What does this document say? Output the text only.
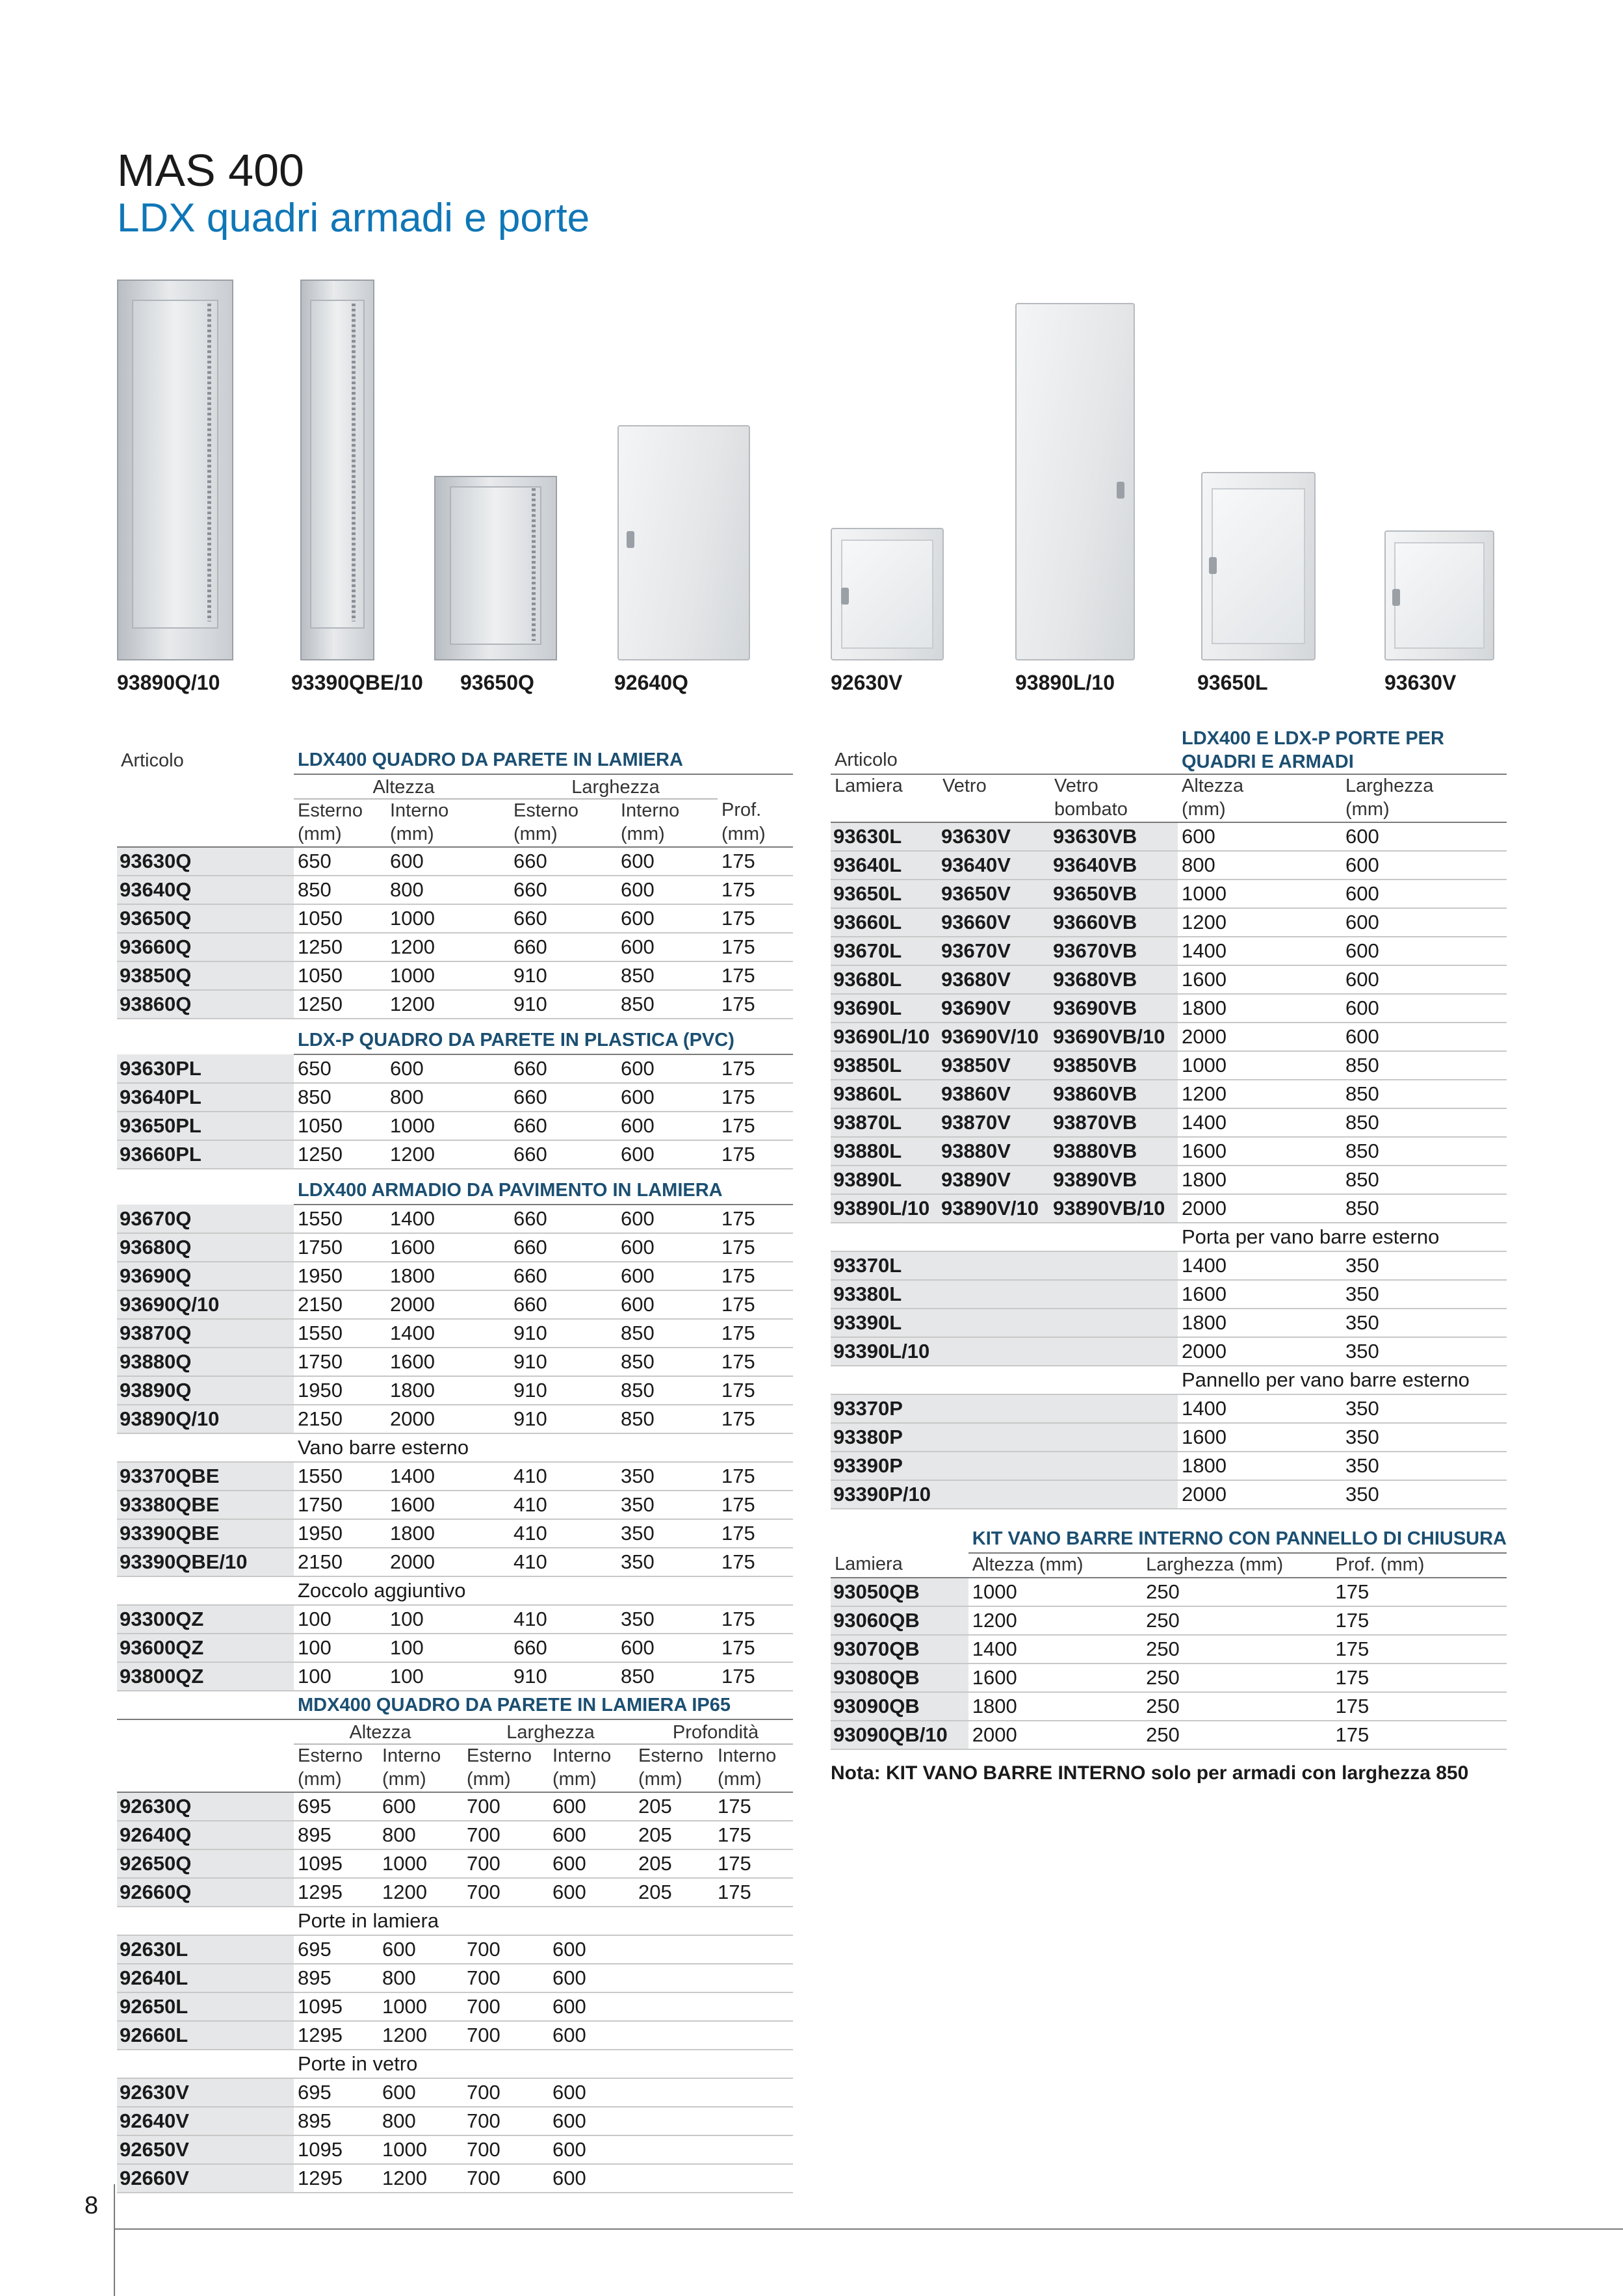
MAS 400
LDX quadri armadi e porte
93890Q/10	93390QBE/10 93650Q	92640Q	92630V	93890L/10	93650L	93630V
Articolo	LDX400 QUADRO DA PARETE IN LAMIERA				
	Altezza		Larghezza		
	Esterno	Interno	Esterno	Interno	Prof.
	(mm)	(mm)	(mm)	(mm)	(mm)
93630Q	650	600	660	600	175
93640Q	850	800	660	600	175
93650Q	1050	1000	660	600	175
93660Q	1250	1200	660	600	175
93850Q	1050	1000	910	850	175
93860Q	1250	1200	910	850	175
	LDX-P QUADRO DA PARETE IN PLASTICA (PVC)				
93630PL	650	600	660	600	175
93640PL	850	800	660	600	175
93650PL	1050	1000	660	600	175
93660PL	1250	1200	660	600	175
	LDX400 ARMADIO DA PAVIMENTO IN LAMIERA				
93670Q	1550	1400	660	600	175
93680Q	1750	1600	660	600	175
93690Q	1950	1800	660	600	175
93690Q/10	2150	2000	660	600	175
93870Q	1550	1400	910	850	175
93880Q	1750	1600	910	850	175
93890Q	1950	1800	910	850	175
93890Q/10	2150	2000	910	850	175
	Vano barre esterno				
93370QBE	1550	1400	410	350	175
93380QBE	1750	1600	410	350	175
93390QBE	1950	1800	410	350	175
93390QBE/10	2150	2000	410	350	175
	Zoccolo aggiuntivo				
93300QZ	100	100	410	350	175
93600QZ	100	100	660	600	175
93800QZ	100	100	910	850	175
	MDX400 QUADRO DA PARETE IN LAMIERA IP65					
	Altezza		Larghezza		Profondità	
	Esterno	Interno	Esterno	Interno	Esterno	Interno
	(mm)	(mm)	(mm)	(mm)	(mm)	(mm)
92630Q	695	600	700	600	205	175
92640Q	895	800	700	600	205	175
92650Q	1095	1000	700	600	205	175
92660Q	1295	1200	700	600	205	175
	Porte in lamiera					
92630L	695	600	700	600		
92640L	895	800	700	600		
92650L	1095	1000	700	600		
92660L	1295	1200	700	600		
	Porte in vetro					
92630V	695	600	700	600		
92640V	895	800	700	600		
92650V	1095	1000	700	600		
92660V	1295	1200	700	600		
Articolo			LDX400 E LDX-P PORTE PER QUADRI E ARMADI	
Lamiera	Vetro	Vetro	Altezza	Larghezza
		bombato	(mm)	(mm)
93630L	93630V	93630VB	600	600
93640L	93640V	93640VB	800	600
93650L	93650V	93650VB	1000	600
93660L	93660V	93660VB	1200	600
93670L	93670V	93670VB	1400	600
93680L	93680V	93680VB	1600	600
93690L	93690V	93690VB	1800	600
93690L/10	93690V/10	93690VB/10	2000	600
93850L	93850V	93850VB	1000	850
93860L	93860V	93860VB	1200	850
93870L	93870V	93870VB	1400	850
93880L	93880V	93880VB	1600	850
93890L	93890V	93890VB	1800	850
93890L/10	93890V/10	93890VB/10	2000	850
			Porta per vano barre esterno	
93370L			1400	350
93380L			1600	350
93390L			1800	350
93390L/10			2000	350
			Pannello per vano barre esterno	
93370P			1400	350
93380P			1600	350
93390P			1800	350
93390P/10			2000	350
	KIT VANO BARRE INTERNO CON PANNELLO DI CHIUSURA		
Lamiera	Altezza (mm)	Larghezza (mm)	Prof. (mm)
93050QB	1000	250	175
93060QB	1200	250	175
93070QB	1400	250	175
93080QB	1600	250	175
93090QB	1800	250	175
93090QB/10	2000	250	175
Nota: KIT VANO BARRE INTERNO solo per armadi con larghezza 850
8
